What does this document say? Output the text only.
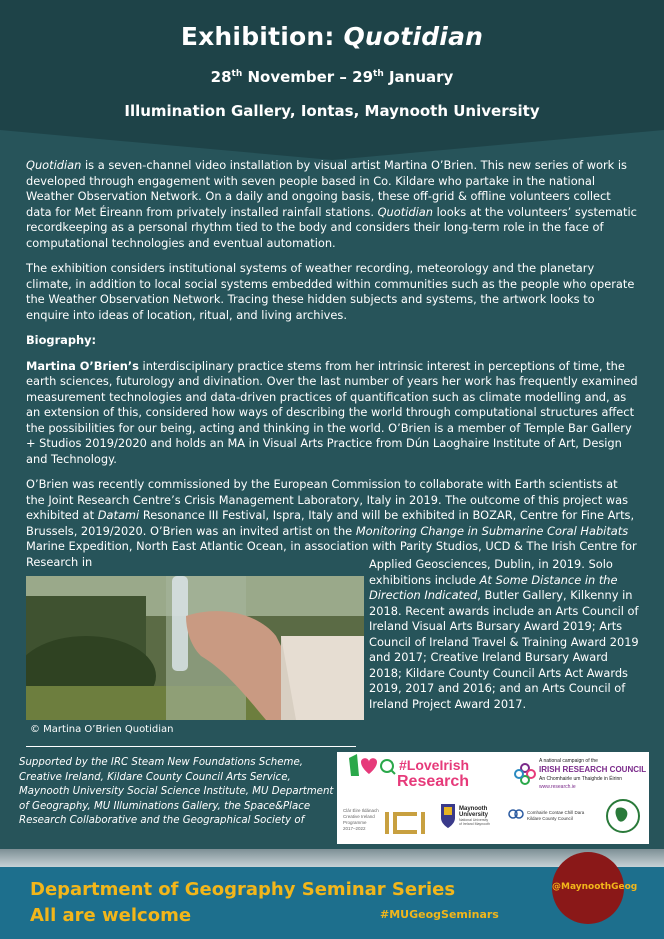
Exhibition: Quotidian
28th November – 29th January
Illumination Gallery, Iontas, Maynooth University

Quotidian is a seven-channel video installation by visual artist Martina O’Brien. This new series of work is developed through engagement with seven people based in Co. Kildare who partake in the national Weather Observation Network. On a daily and ongoing basis, these off-grid & offline volunteers collect data for Met Éireann from privately installed rainfall stations. Quotidian looks at the volunteers’ systematic recordkeeping as a personal rhythm tied to the body and considers their long-term role in the face of computational technologies and eventual automation.

The exhibition considers institutional systems of weather recording, meteorology and the planetary climate, in addition to local social systems embedded within communities such as the people who operate the Weather Observation Network. Tracing these hidden subjects and systems, the artwork looks to enquire into ideas of location, ritual, and living archives.

Biography:

Martina O’Brien’s interdisciplinary practice stems from her intrinsic interest in perceptions of time, the earth sciences, futurology and divination. Over the last number of years her work has frequently examined measurement technologies and data-driven practices of quantification such as climate modelling and, as an extension of this, considered how ways of describing the world through computational structures affect the possibilities for our being, acting and thinking in the world. O’Brien is a member of Temple Bar Gallery + Studios 2019/2020 and holds an MA in Visual Arts Practice from Dún Laoghaire Institute of Art, Design and Technology.

O’Brien was recently commissioned by the European Commission to collaborate with Earth scientists at the Joint Research Centre’s Crisis Management Laboratory, Italy in 2019. The outcome of this project was exhibited at Datami Resonance III Festival, Ispra, Italy and will be exhibited in BOZAR, Centre for Fine Arts, Brussels, 2019/2020. O’Brien was an invited artist on the Monitoring Change in Submarine Coral Habitats Marine Expedition, North East Atlantic Ocean, in association with Parity Studios, UCD & The Irish Centre for Research in

© Martina O’Brien Quotidian
Applied Geosciences, Dublin, in 2019. Solo exhibitions include At Some Distance in the Direction Indicated, Butler Gallery, Kilkenny in 2018. Recent awards include an Arts Council of Ireland Visual Arts Bursary Award 2019; Arts Council of Ireland Travel & Training Award 2019 and 2017; Creative Ireland Bursary Award 2018; Kildare County Council Arts Act Awards 2019, 2017 and 2016; and an Arts Council of Ireland Project Award 2017.
Supported by the IRC Steam New Foundations Scheme, Creative Ireland, Kildare County Council Arts Service, Maynooth University Social Science Institute, MU Department of Geography, MU Illuminations Gallery, the Space&Place Research Collaborative and the Geographical Society of
#LoveIrish
Research
A national campaign of the
IRISH RESEARCH COUNCIL
An Chomhairle um Thaighde in Éirinn
www.research.ie
Clár Éire Ildánach
Creative Ireland
Programme
2017–2022
Maynooth
University
National University
of Ireland Maynooth
Comhairle Contae Chill Dara
Kildare County Council
Department of Geography Seminar Series
All are welcome	#MUGeogSeminars
@MaynoothGeog
